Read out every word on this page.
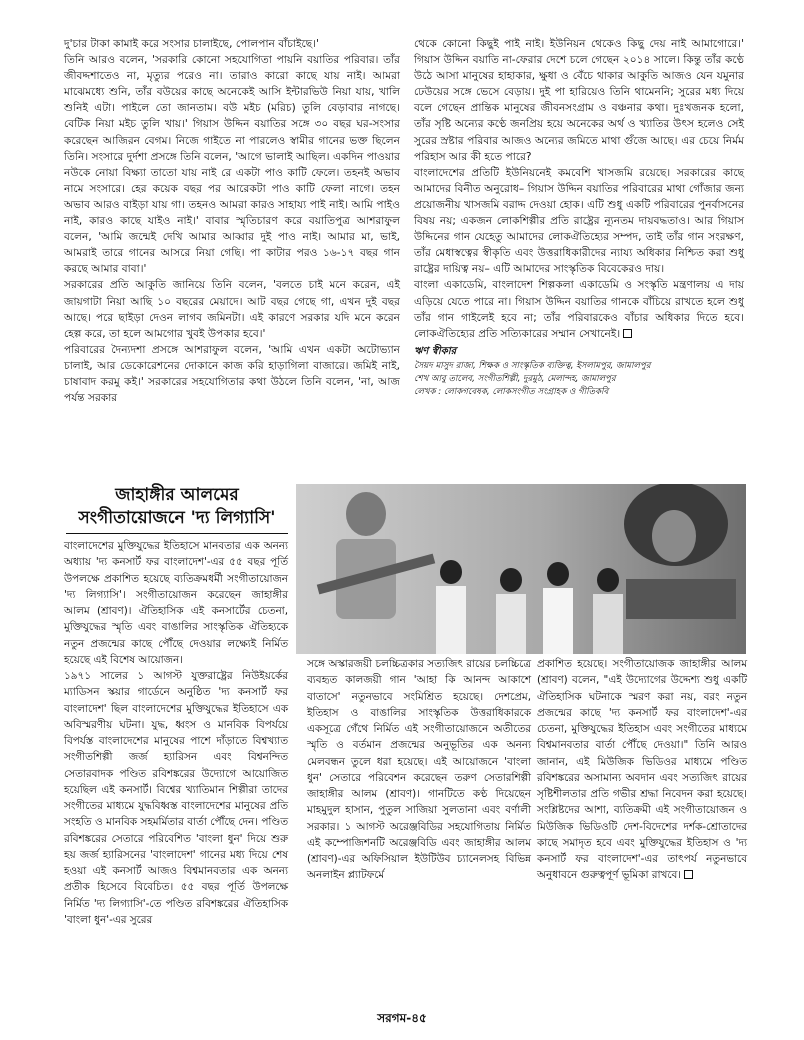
দু'চার টাকা কামাই করে সংসার চালাইছে, পোলপান বাঁচাইছে।'

তিনি আরও বলেন, 'সরকারি কোনো সহযোগিতা পায়নি বয়াতির পরিবার। তাঁর জীবদ্দশাতেও না, মৃত্যুর পরেও না। তারাও কারো কাছে যায় নাই। আমরা মাঝেমধ্যে শুনি, তাঁর বউয়ের কাছে অনেকেই আসি ইন্টারভিউ নিয়া যায়, খালি শুনিই এটা। পাইলে তো জানতাম। বউ মইচ (মরিচ) তুলি বেড়াবার নাগছে। বেটিক নিয়া মইচ তুলি খায়।' গিয়াস উদ্দিন বয়াতির সঙ্গে ৩০ বছর ঘর-সংসার করেছেন আজিরন বেগম। নিজে গাইতে না পারলেও স্বামীর গানের ভক্ত ছিলেন তিনি। সংসারে দুর্দশা প্রসঙ্গে তিনি বলেন, 'আগে ভালাই আছিল। একদিন পাওয়ার নউকে নোয়া বিক্ষ্যা তাতো যায় নাই রে একটা পাও কাটি ফেলে। তহনই অভাব নামে সংসারে। হের কয়েক বছর পর আরেকটা পাও কাটি ফেলা নাগে। তহন অভাব আরও বাইড়া যায় গা। তহনও আমরা কারও সাহায্য পাই নাই। আমি পাইও নাই, কারও কাছে যাইও নাই।' বাবার স্মৃতিচারণ করে বয়াতিপুত্র আশরাফুল বলেন, 'আমি জন্মেই দেখি আমার আব্বার দুই পাও নাই। আমার মা, ভাই, আমরাই তারে গানের আসরে নিয়া গেছি। পা কাটার পরও ১৬-১৭ বছর গান করছে আমার বাবা।'

সরকারের প্রতি আকুতি জানিয়ে তিনি বলেন, 'বলতে চাই মনে করেন, এই জায়গাটা নিয়া আছি ১০ বছরের মেয়াদে। আট বছর গেছে গা, এখন দুই বছর আছে। পরে ছাইড়া দেওন লাগব জমিনটা। এই কারণে সরকার যদি মনে করেন হেল্প করে, তা হলে আমগোর খুবই উপকার হবে।'

পরিবারের দৈন্যদশা প্রসঙ্গে আশরাফুল বলেন, 'আমি এখন একটা অটোভ্যান চালাই, আর ডেকোরেশনের দোকানে কাজ করি হাড়াগিলা বাজারে। জমিই নাই, চাষাবাদ করমু কই।' সরকারের সহযোগিতার কথা উঠলে তিনি বলেন, 'না, আজ পর্যন্ত সরকার

থেকে কোনো কিছুই পাই নাই। ইউনিয়ন থেকেও কিছু দেয় নাই আমাগোরে।' গিয়াস উদ্দিন বয়াতি না-ফেরার দেশে চলে গেছেন ২০১৪ সালে। কিন্তু তাঁর কণ্ঠে উঠে আসা মানুষের হাহাকার, ক্ষুধা ও বেঁচে থাকার আকুতি আজও যেন যমুনার ঢেউয়ের সঙ্গে ভেসে বেড়ায়। দুই পা হারিয়েও তিনি থামেননি; সুরের মধ্য দিয়ে বলে গেছেন প্রান্তিক মানুষের জীবনসংগ্রাম ও বঞ্চনার কথা। দুঃখজনক হলো, তাঁর সৃষ্টি অন্যের কণ্ঠে জনপ্রিয় হয়ে অনেকের অর্থ ও খ্যাতির উৎস হলেও সেই সুরের স্রষ্টার পরিবার আজও অন্যের জমিতে মাথা গুঁজে আছে। এর চেয়ে নির্মম পরিহাস আর কী হতে পারে?

বাংলাদেশের প্রতিটি ইউনিয়নেই কমবেশি খাসজমি রয়েছে। সরকারের কাছে আমাদের বিনীত অনুরোধ– গিয়াস উদ্দিন বয়াতির পরিবারের মাথা গোঁজার জন্য প্রয়োজনীয় খাসজমি বরাদ্দ দেওয়া হোক। এটি শুধু একটি পরিবারের পুনর্বাসনের বিষয় নয়; একজন লোকশিল্পীর প্রতি রাষ্ট্রের ন্যূনতম দায়বদ্ধতাও। আর গিয়াস উদ্দিনের গান যেহেতু আমাদের লোকঐতিহ্যের সম্পদ, তাই তাঁর গান সংরক্ষণ, তাঁর মেধাস্বত্বের স্বীকৃতি এবং উত্তরাধিকারীদের ন্যায্য অধিকার নিশ্চিত করা শুধু রাষ্ট্রের দায়িত্ব নয়– এটি আমাদের সাংস্কৃতিক বিবেকেরও দায়।

বাংলা একাডেমি, বাংলাদেশ শিল্পকলা একাডেমি ও সংস্কৃতি মন্ত্রণালয় এ দায় এড়িয়ে যেতে পারে না। গিয়াস উদ্দিন বয়াতির গানকে বাঁচিয়ে রাখতে হলে শুধু তাঁর গান গাইলেই হবে না; তাঁর পরিবারকেও বাঁচার অধিকার দিতে হবে। লোকঐতিহ্যের প্রতি সত্যিকারের সম্মান সেখানেই।

ঋণ স্বীকার
সৈয়দ মাসুদ রাজা, শিক্ষক ও সাংস্কৃতিক ব্যক্তিত্ব, ইসলামপুর, জামালপুর
শেখ আবু তালেব, সংগীতশিল্পী, দুরমুঠ, মেলান্দহ, জামালপুর
লেখক : লোকগবেষক, লোকসংগীত সংগ্রাহক ও গীতিকবি
জাহাঙ্গীর আলমের
সংগীতায়োজনে 'দ্য লিগ্যাসি'

বাংলাদেশের মুক্তিযুদ্ধের ইতিহাসে মানবতার এক অনন্য অধ্যায় 'দ্য কনসার্ট ফর বাংলাদেশ'-এর ৫৫ বছর পূর্তি উপলক্ষে প্রকাশিত হয়েছে ব্যতিক্রমধর্মী সংগীতায়োজন 'দ্য লিগ্যাসি'। সংগীতায়োজন করেছেন জাহাঙ্গীর আলম (শ্রাবণ)। ঐতিহাসিক এই কনসার্টের চেতনা, মুক্তিযুদ্ধের স্মৃতি এবং বাঙালির সাংস্কৃতিক ঐতিহ্যকে নতুন প্রজন্মের কাছে পৌঁছে দেওয়ার লক্ষ্যেই নির্মিত হয়েছে এই বিশেষ আয়োজন।

১৯৭১ সালের ১ আগস্ট যুক্তরাষ্ট্রের নিউইয়র্কের ম্যাডিসন স্কয়ার গার্ডেনে অনুষ্ঠিত 'দ্য কনসার্ট ফর বাংলাদেশ' ছিল বাংলাদেশের মুক্তিযুদ্ধের ইতিহাসে এক অবিস্মরণীয় ঘটনা। যুদ্ধ, ধ্বংস ও মানবিক বিপর্যয়ে বিপর্যস্ত বাংলাদেশের মানুষের পাশে দাঁড়াতে বিশ্বখ্যাত সংগীতশিল্পী জর্জ হ্যারিসন এবং বিশ্বনন্দিত সেতারবাদক পণ্ডিত রবিশঙ্করের উদ্যোগে আয়োজিত হয়েছিল এই কনসার্ট। বিশ্বের খ্যাতিমান শিল্পীরা তাদের সংগীতের মাধ্যমে যুদ্ধবিধ্বস্ত বাংলাদেশের মানুষের প্রতি সংহতি ও মানবিক সহমর্মিতার বার্তা পৌঁছে দেন। পণ্ডিত রবিশঙ্করের সেতারে পরিবেশিত 'বাংলা ধুন' দিয়ে শুরু হয় জর্জ হ্যারিসনের 'বাংলাদেশ' গানের মধ্য দিয়ে শেষ হওয়া এই কনসার্ট আজও বিশ্বমানবতার এক অনন্য প্রতীক হিসেবে বিবেচিত। ৫৫ বছর পূর্তি উপলক্ষে নির্মিত 'দ্য লিগ্যাসি'-তে পণ্ডিত রবিশঙ্করের ঐতিহাসিক 'বাংলা ধুন'-এর সুরের

সঙ্গে অস্কারজয়ী চলচ্চিত্রকার সত্যজিৎ রায়ের চলচ্চিত্রে ব্যবহৃত কালজয়ী গান 'আহা কি আনন্দ আকাশে বাতাসে' নতুনভাবে সংমিশ্রিত হয়েছে। দেশপ্রেম, ইতিহাস ও বাঙালির সাংস্কৃতিক উত্তরাধিকারকে একসূত্রে গেঁথে নির্মিত এই সংগীতায়োজনে অতীতের স্মৃতি ও বর্তমান প্রজন্মের অনুভূতির এক অনন্য মেলবন্ধন তুলে ধরা হয়েছে। এই আয়োজনে 'বাংলা ধুন' সেতারে পরিবেশন করেছেন তরুণ সেতারশিল্পী জাহাঙ্গীর আলম (শ্রাবণ)। গানটিতে কণ্ঠ দিয়েছেন মাহমুদুল হাসান, পুতুল সাজিয়া সুলতানা এবং বর্ণালী সরকার। ১ আগস্ট অরেঞ্জবিডির সহযোগিতায় নির্মিত এই কম্পোজিশনটি অরেঞ্জবিডি এবং জাহাঙ্গীর আলম (শ্রাবণ)-এর অফিসিয়াল ইউটিউব চ্যানেলসহ বিভিন্ন অনলাইন প্ল্যাটফর্মে

প্রকাশিত হয়েছে। সংগীতায়োজক জাহাঙ্গীর আলম (শ্রাবণ) বলেন, "এই উদ্যোগের উদ্দেশ্য শুধু একটি ঐতিহাসিক ঘটনাকে স্মরণ করা নয়, বরং নতুন প্রজন্মের কাছে 'দ্য কনসার্ট ফর বাংলাদেশ'-এর চেতনা, মুক্তিযুদ্ধের ইতিহাস এবং সংগীতের মাধ্যমে বিশ্বমানবতার বার্তা পৌঁছে দেওয়া।" তিনি আরও জানান, এই মিউজিক ভিডিওর মাধ্যমে পণ্ডিত রবিশঙ্করের অসামান্য অবদান এবং সত্যজিৎ রায়ের সৃষ্টিশীলতার প্রতি গভীর শ্রদ্ধা নিবেদন করা হয়েছে। সংশ্লিষ্টদের আশা, ব্যতিক্রমী এই সংগীতায়োজন ও মিউজিক ভিডিওটি দেশ-বিদেশের দর্শক-শ্রোতাদের কাছে সমাদৃত হবে এবং মুক্তিযুদ্ধের ইতিহাস ও 'দ্য কনসার্ট ফর বাংলাদেশ'-এর তাৎপর্য নতুনভাবে অনুধাবনে গুরুত্বপূর্ণ ভূমিকা রাখবে।

সরগম-৪৫
